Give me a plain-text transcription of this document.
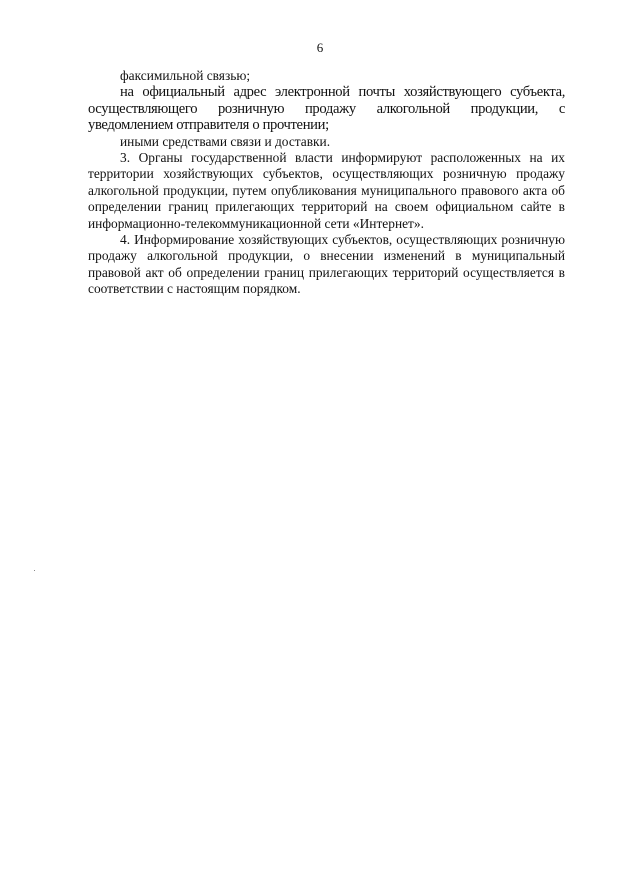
6

факсимильной связью;

на официальный адрес электронной почты хозяйствующего субъекта, осуществляющего розничную продажу алкогольной продукции, с уведомлением отправителя о прочтении;

иными средствами связи и доставки.

3. Органы государственной власти информируют расположенных на их территории хозяйствующих субъектов, осуществляющих розничную продажу алкогольной продукции, путем опубликования муниципального правового акта об определении границ прилегающих территорий на своем официальном сайте в информационно-телекоммуникационной сети «Интернет».

4. Информирование хозяйствующих субъектов, осуществляющих розничную продажу алкогольной продукции, о внесении изменений в муниципальный правовой акт об определении границ прилегающих территорий осуществляется в соответствии с настоящим порядком.
